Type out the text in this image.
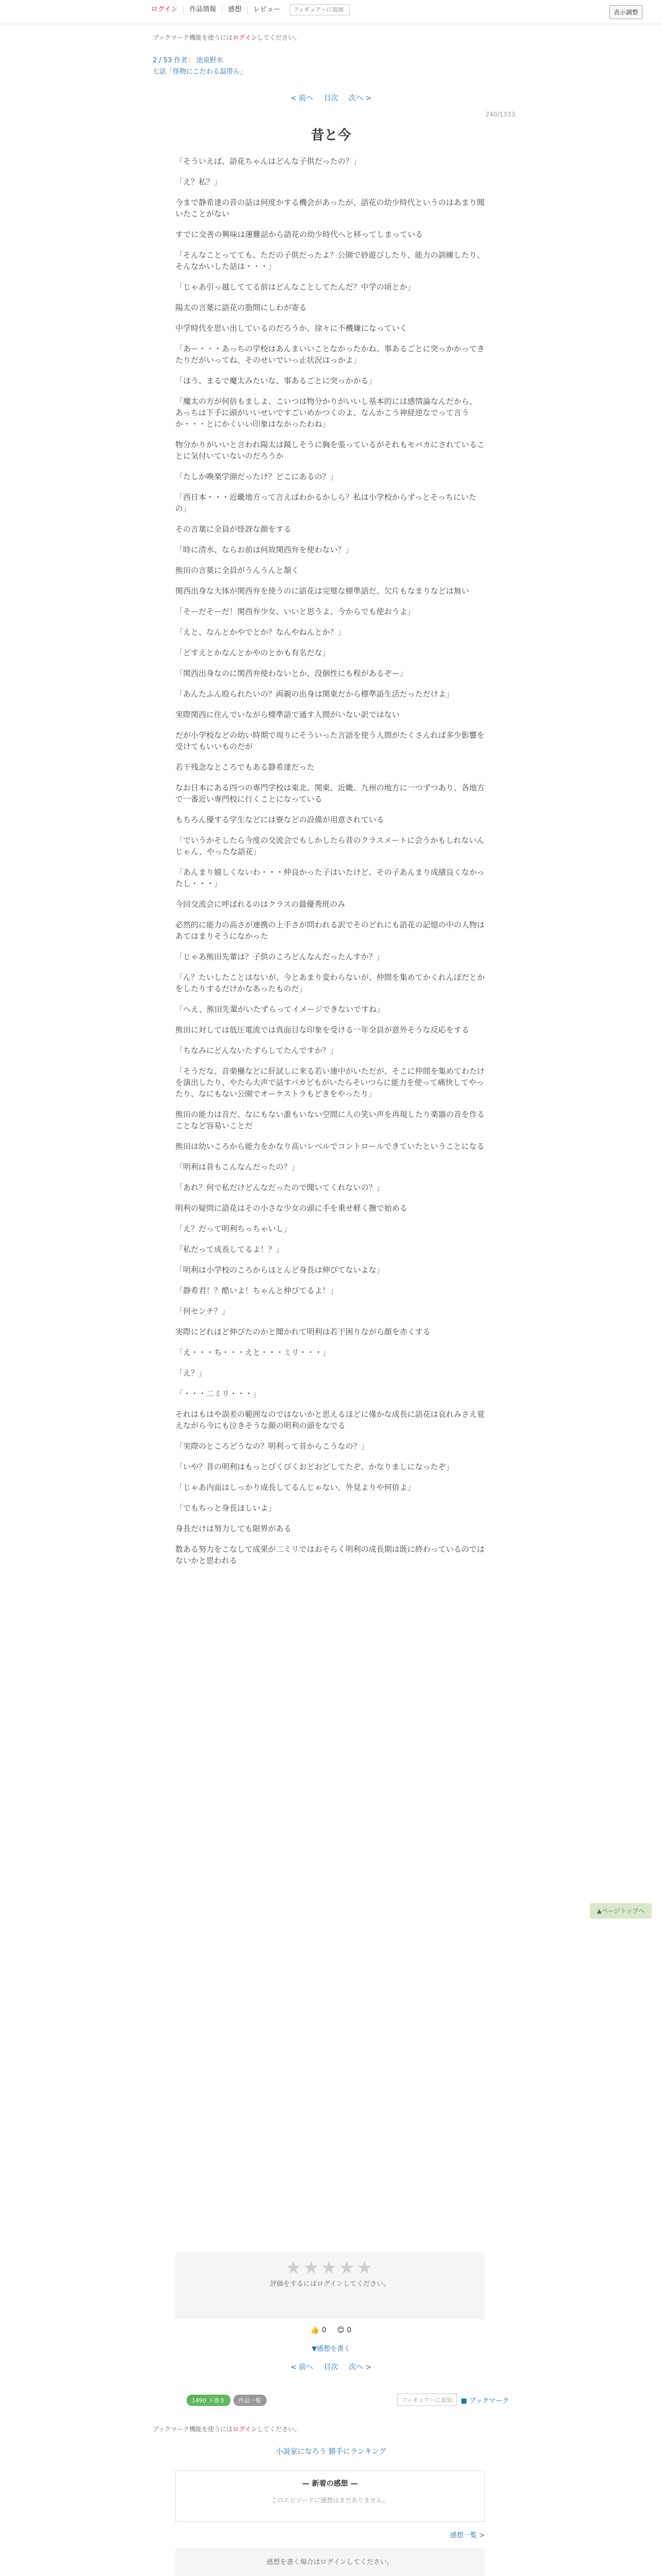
ログイン	作品情報	感想	レビュー
フィギュアーに追加	表示調整
ブックマーク機能を使うにはログインしてください。
2 / 53 作者： 池泉野水
七話「怪物にこだわる温帯ら」
< 前へ 目次 次へ >
240/1333
昔と今

「そういえば、語花ちゃんはどんな子供だったの？」

「え？私？」

今まで静希達の昔の話は何度かする機会があったが、語花の幼少時代というのはあまり聞いたことがない

すでに交善の興味は運難話から語花の幼少時代へと移ってしまっている

「そんなことってても、ただの子供だったよ？公園で砂遊びしたり、能力の訓練したり、そんなかいした話は・・・」

「じゃあ引っ越しててる前はどんなことしてたんだ？中学の頃とか」

陽太の言葉に語花の脂間にしわが寄る

中学時代を思い出しているのだろうか、徐々に不機嫌になっていく

「あー・・・あっちの学校はあんまいいことなかったかね、事あるごとに突っかかってきたりだがいってね、そのせいでいっ止状況はっかよ」

「ほう、まるで魔太みたいな、事あるごとに突っかかる」

「魔太の方が何倍もましよ、こいつは物分かりがいいし基本的には感情論なんだから、あっちは下手に頭がいいせいですごいめかつくのよ、なんかこう神経逆なでって言うか・・・とにかくいい印象はなかったわね」

物分かりがいいと言われ陽太は鏡しそうに胸を張っているがそれもモバカにされていることに気付いていないのだろうか

「たしか喚楽学園だったけ？どこにあるの？」

「西日本・・・近畿地方って言えばわかるかしら？私は小学校からずっとそっちにいたの」

その言葉に全員が怪訝な顔をする

「時に清水、ならお前は何故関西弁を使わない？」

熊田の言葉に全員がうんうんと頷く

関西出身な大体が関西弁を使うのに語花は完璧な標準語だ、欠片もなまりなどは無い

「そーだそーだ！関西弁少女、いいと思うよ、今からでも使おうよ」

「えと、なんとかやでとか？なんやねんとか？」

「どすえとかなんとかやのとかも有名だな」

「関西出身なのに関西弁使わないとか、没個性にも程があるぞー」

「あんたふん殴られたいの？両親の出身は関東だから標準語生活だっただけよ」

実際関西に住んでいながら標準語で通す人間がいない訳ではない

だが小学校などの幼い時期で周りにそういった言語を使う人間がたくさんれば多少影響を受けてもいいものだが

若干残念なところでもある静希達だった

なお日本にある四つの専門学校は東北、関東、近畿、九州の地方に一つずつあり、各地方で一番近い専門校に行くことになっている

もちろん優する学生などには寮などの設備が用意されている

「でいうかそしたら今度の交流会でもしかしたら昔のクラスメートに会うかもしれないんじゃん、やったな語花」

「あんまり嬉しくないわ・・・仲良かった子はいたけど、その子あんまり成績良くなかったし・・・」

今回交流会に呼ばれるのはクラスの最優秀班のみ

必然的に能力の高さが連携の上手さが問われる訳でそのどれにも語花の記憶の中の人物はあてはまりそうになかった

「じゃあ熊田先輩は？子供のころどんなんだったんすか？」

「ん？たいしたことはないが、今とあまり変わらないが、仲間を集めてかくれんぼだとかをしたりするだけかなあったものだ」

「へえ、熊田先輩がいたずらってイメージできないですね」

熊田に対しては低圧電流では真面目な印象を受ける一年全員が意外そうな反応をする

「ちなみにどんないたずらしてたんですか？」

「そうだな、音楽柵などに肝試しに来る若い連中がいただが、そこに仲間を集めてわたけを演出したり、やたら大声で話すパカどもがいたらそいつらに能力を使って痛快してやったり、なにもない公園でオーケストラもどきをやったり」

熊田の能力は音だ、なにもない誰もいない空間に人の笑い声を再現したり楽器の音を作ることなど容易いことだ

熊田は幼いころから能力をかなり高いレベルでコントロールできていたということになる

「明利は昔もこんなんだったの？」

「あれ？何で私だけどんなだったので聞いてくれないの？」

明利の疑問に語花はその小さな少女の頭に手を乗せ軽く撫で始める

「え？だって明利ちっちゃいし」

「私だって成長してるよ！？」

「明利は小学校のころからほとんど身長は伸びてないよな」

「静希君！？酷いよ！ちゃんと伸びてるよ！」

「何センチ？」

実際にどれほど伸びたのかと聞かれて明利は若干困りながら顔を赤くする

「え・・・ち・・・えと・・・ミリ・・・」

「え？」

「・・・二ミリ・・・」

それはもはや誤差の範囲なのではないかと思えるほどに僅かな成長に語花は哀れみさえ覚えながら今にも泣きそうな顔の明利の頭をなでる

「実際のところどうなの？明利って昔からこうなの？」

「いや？昔の明利はもっとびくびくおどおどしてたぞ、かなりましになったぞ」

「じゃあ内面はしっかり成長してるんじゃない、外見よりや何倍よ」

「でもちっと身長ほしいよ」

身長だけは努力しても限界がある

数ある努力をこなして成果が二ミリではおそらく明利の成長期は既に終わっているのではないかと思われる

▲ページトップへ
★★★★★
評価をするにはログインしてください。
👍 0 😊 0
▼感想を書く
< 前へ 目次 次へ >
1490 下書き	作品一覧	フィギュアーに追加	■ ブックマーク
ブックマーク機能を使うにはログインしてください。
小説家になろう 勝手にランキング
— 新着の感想 —
このエピソードに感想はまだありません。
感想一覧 >
感想を書く場合はログインしてください。
